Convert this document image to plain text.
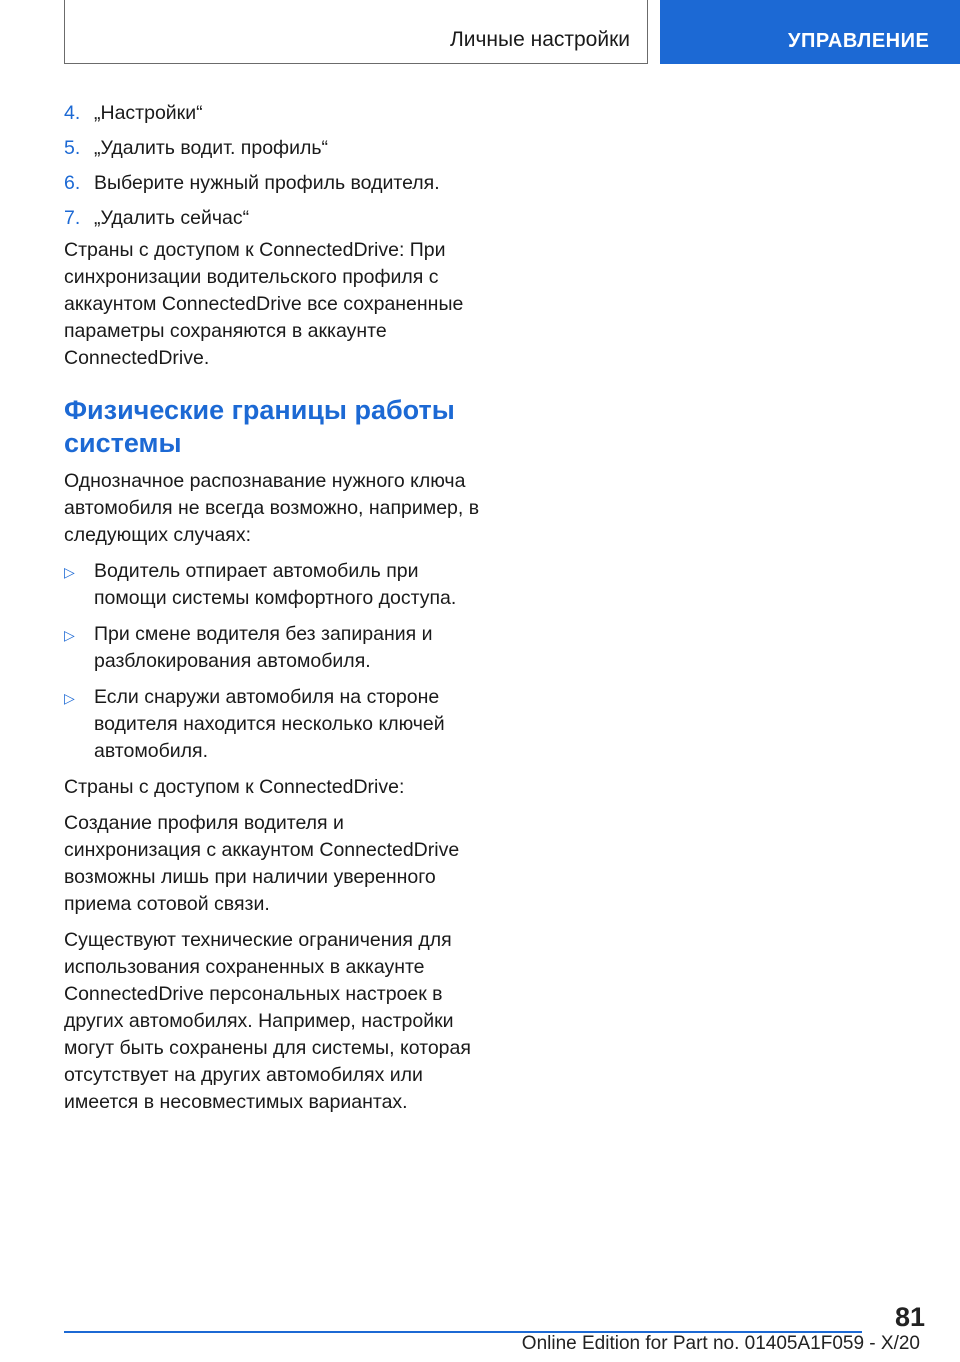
Личные настройки	УПРАВЛЕНИЕ
4. „Настройки“
5. „Удалить водит. профиль“
6. Выберите нужный профиль водителя.
7. „Удалить сейчас“

Страны с доступом к ConnectedDrive: При синхронизации водительского профиля с аккаунтом ConnectedDrive все сохраненные параметры сохраняются в аккаунте ConnectedDrive.

Физические границы работы системы

Однозначное распознавание нужного ключа автомобиля не всегда возможно, например, в следующих случаях:

▷ Водитель отпирает автомобиль при помощи системы комфортного доступа.
▷ При смене водителя без запирания и разблокирования автомобиля.
▷ Если снаружи автомобиля на стороне водителя находится несколько ключей автомобиля.

Страны с доступом к ConnectedDrive:

Создание профиля водителя и синхронизация с аккаунтом ConnectedDrive возможны лишь при наличии уверенного приема сотовой связи.

Существуют технические ограничения для использования сохраненных в аккаунте ConnectedDrive персональных настроек в других автомобилях. Например, настройки могут быть сохранены для системы, которая отсутствует на других автомобилях или имеется в несовместимых вариантах.

81
Online Edition for Part no. 01405A1F059 - X/20
